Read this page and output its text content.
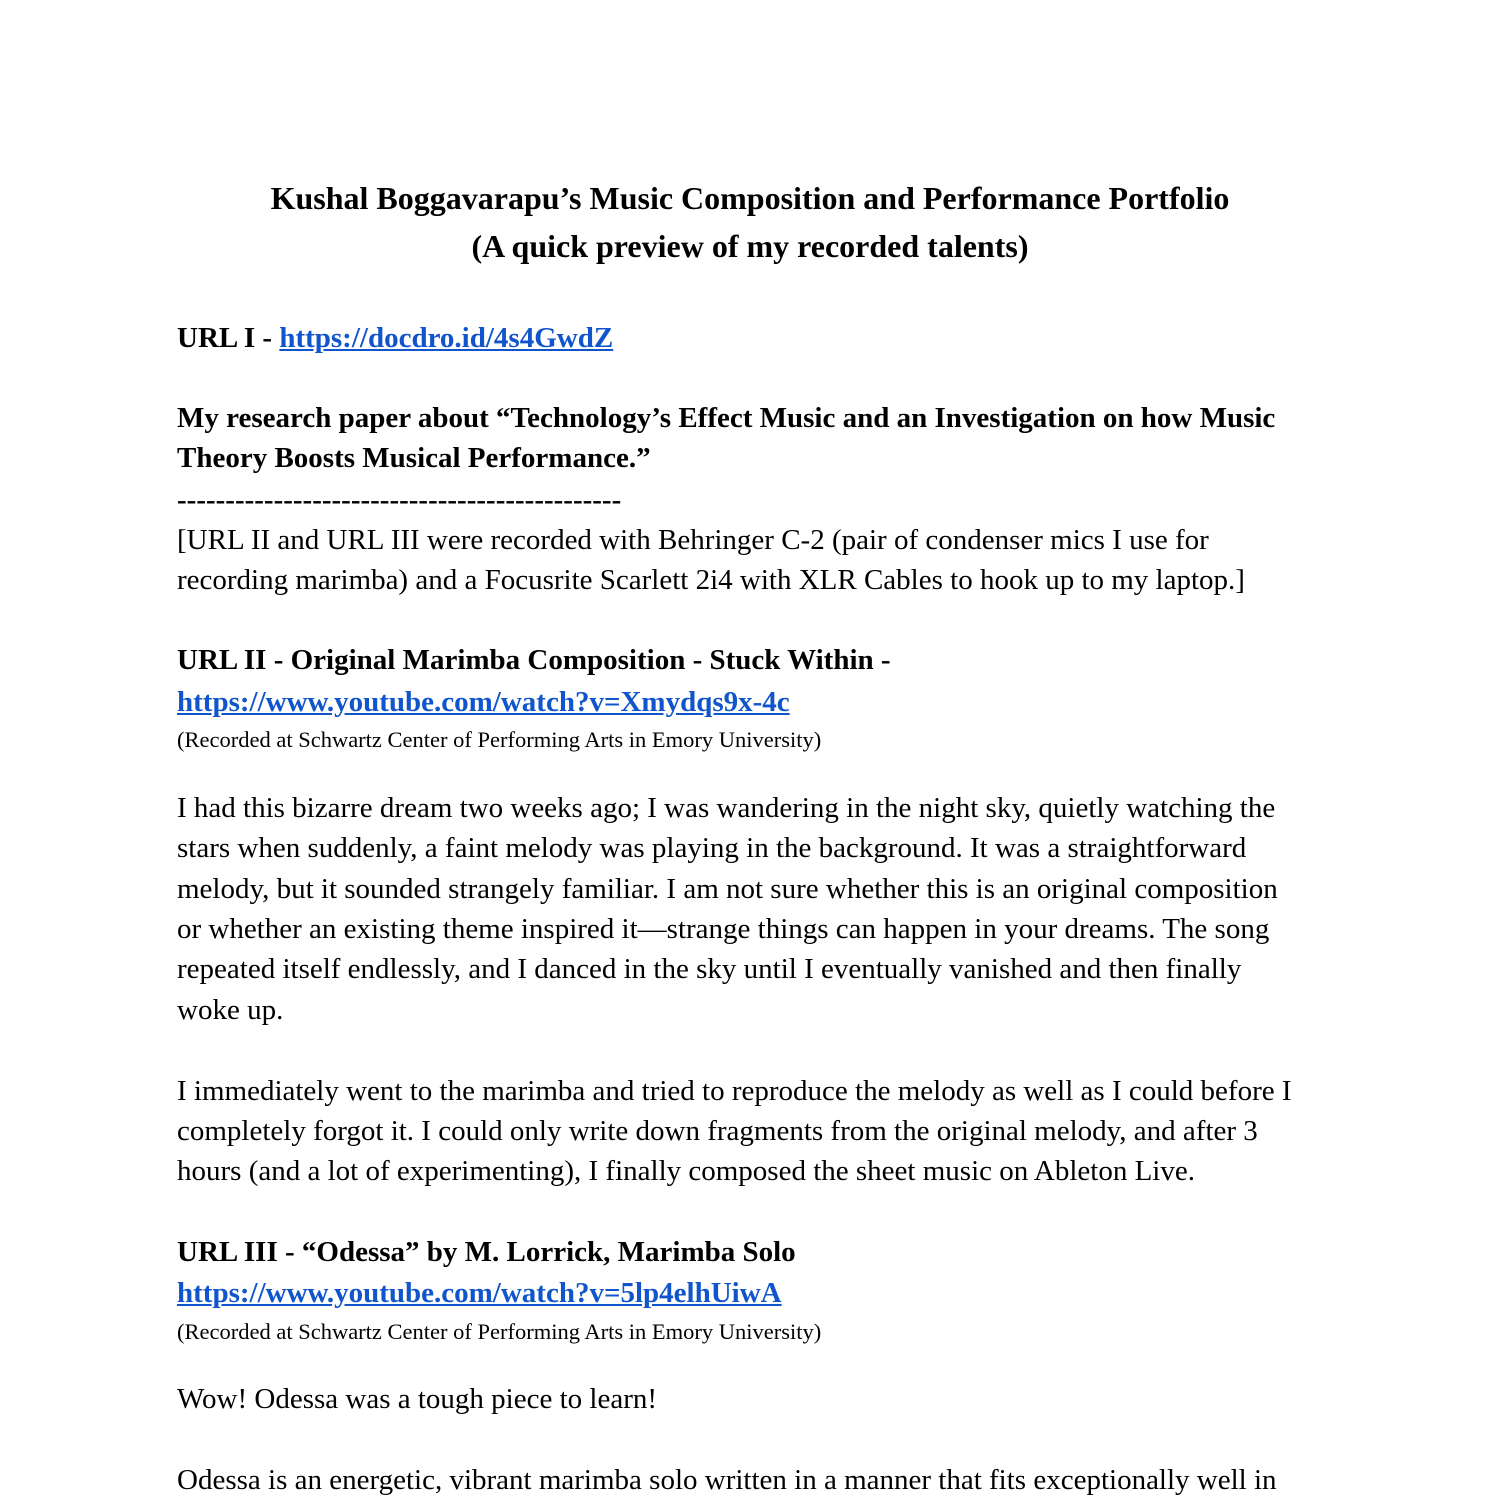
Kushal Boggavarapu’s Music Composition and Performance Portfolio
(A quick preview of my recorded talents)
URL I - https://docdro.id/4s4GwdZ
My research paper about “Technology’s Effect Music and an Investigation on how Music
Theory Boosts Musical Performance.”
----------------------------------------------
[URL II and URL III were recorded with Behringer C-2 (pair of condenser mics I use for
recording marimba) and a Focusrite Scarlett 2i4 with XLR Cables to hook up to my laptop.]
URL II - Original Marimba Composition - Stuck Within -
https://www.youtube.com/watch?v=Xmydqs9x-4c
(Recorded at Schwartz Center of Performing Arts in Emory University)
I had this bizarre dream two weeks ago; I was wandering in the night sky, quietly watching the
stars when suddenly, a faint melody was playing in the background. It was a straightforward
melody, but it sounded strangely familiar. I am not sure whether this is an original composition
or whether an existing theme inspired it—strange things can happen in your dreams. The song
repeated itself endlessly, and I danced in the sky until I eventually vanished and then finally
woke up.
I immediately went to the marimba and tried to reproduce the melody as well as I could before I
completely forgot it. I could only write down fragments from the original melody, and after 3
hours (and a lot of experimenting), I finally composed the sheet music on Ableton Live.
URL III - “Odessa” by M. Lorrick, Marimba Solo
https://www.youtube.com/watch?v=5lp4elhUiwA
(Recorded at Schwartz Center of Performing Arts in Emory University)
Wow! Odessa was a tough piece to learn!
Odessa is an energetic, vibrant marimba solo written in a manner that fits exceptionally well in
